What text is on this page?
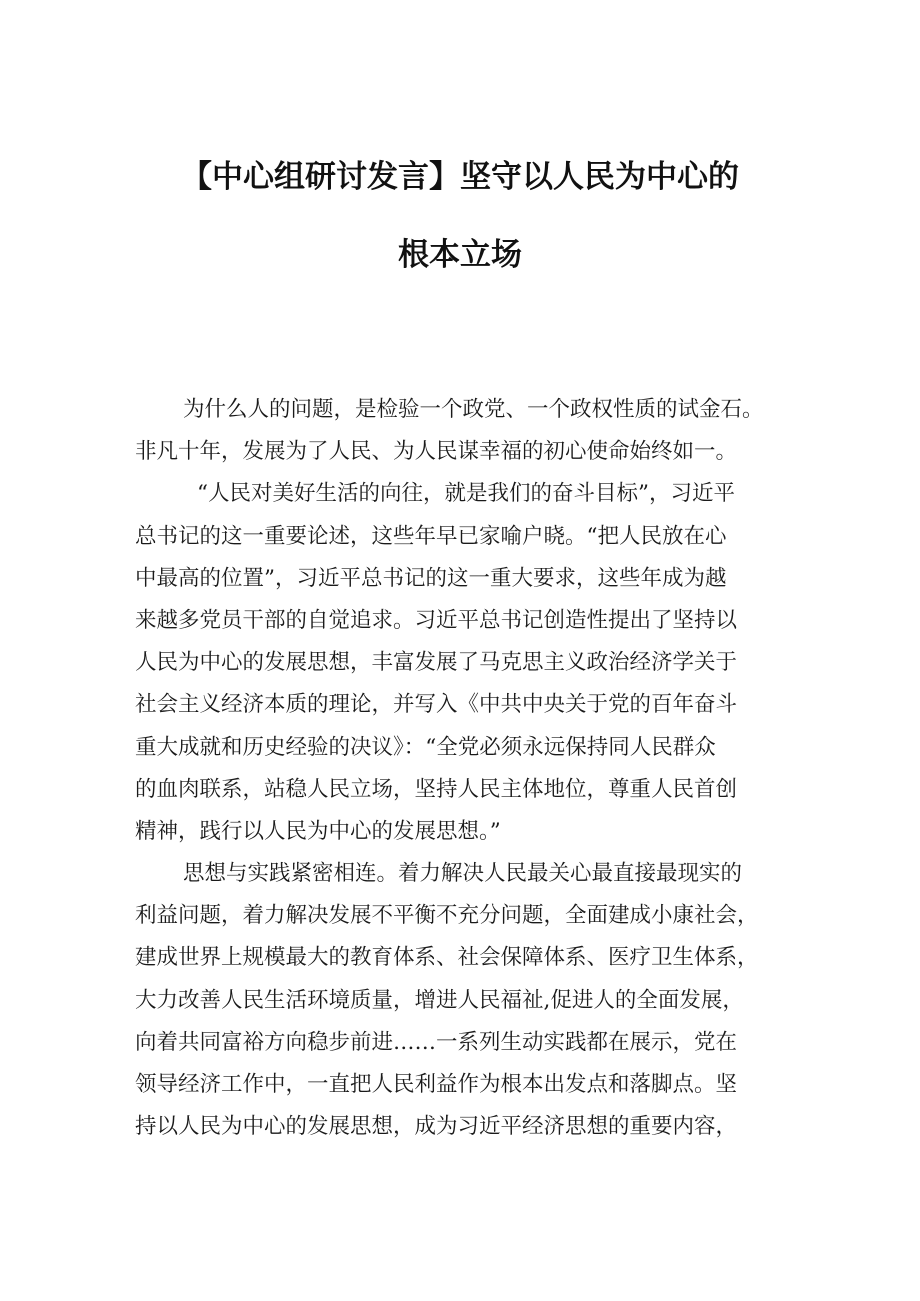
【中心组研讨发言】坚守以人民为中心的
根本立场
为什么人的问题，是检验一个政党、一个政权性质的试金石。
非凡十年，发展为了人民、为人民谋幸福的初心使命始终如一。
“人民对美好生活的向往，就是我们的奋斗目标”，习近平
总书记的这一重要论述，这些年早已家喻户晓。“把人民放在心
中最高的位置”，习近平总书记的这一重大要求，这些年成为越
来越多党员干部的自觉追求。习近平总书记创造性提出了坚持以
人民为中心的发展思想，丰富发展了马克思主义政治经济学关于
社会主义经济本质的理论，并写入《中共中央关于党的百年奋斗
重大成就和历史经验的决议》：“全党必须永远保持同人民群众
的血肉联系，站稳人民立场，坚持人民主体地位，尊重人民首创
精神，践行以人民为中心的发展思想。”
思想与实践紧密相连。着力解决人民最关心最直接最现实的
利益问题，着力解决发展不平衡不充分问题，全面建成小康社会，
建成世界上规模最大的教育体系、社会保障体系、医疗卫生体系，
大力改善人民生活环境质量，增进人民福祉,促进人的全面发展，
向着共同富裕方向稳步前进……一系列生动实践都在展示，党在
领导经济工作中，一直把人民利益作为根本出发点和落脚点。坚
持以人民为中心的发展思想，成为习近平经济思想的重要内容，
